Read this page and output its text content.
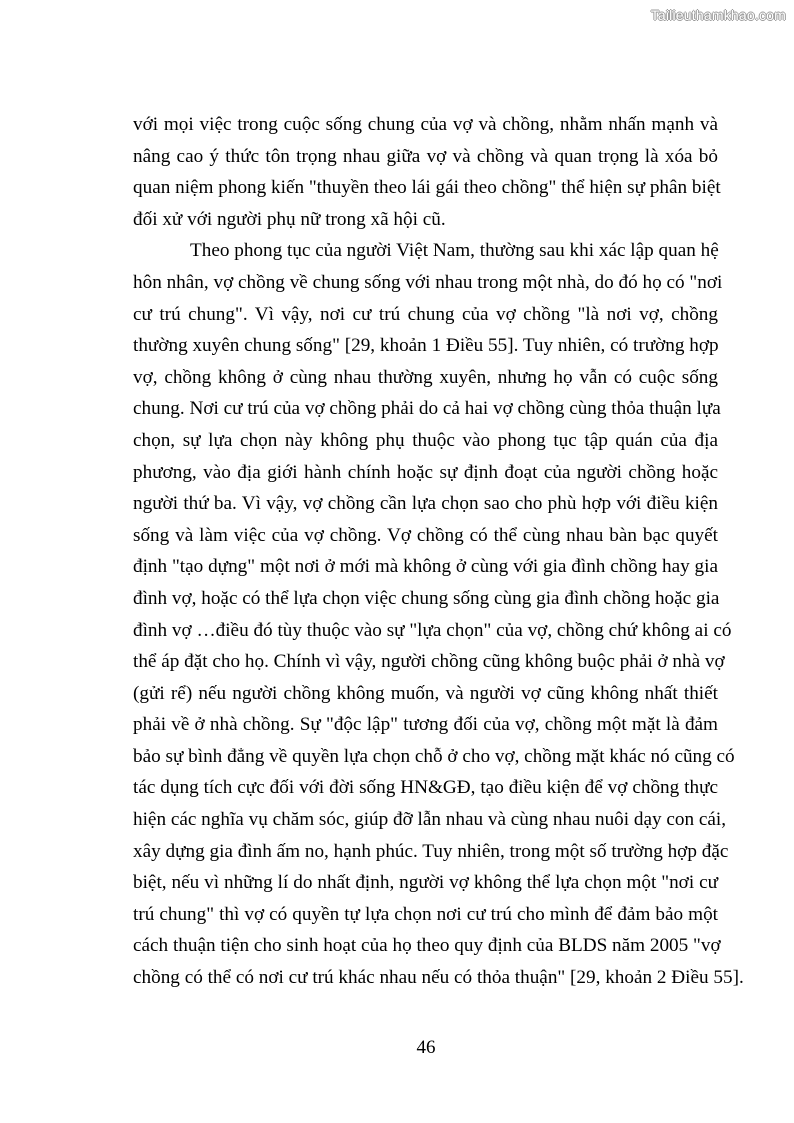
Tailieuthamkhao.com
với mọi việc trong cuộc sống chung của vợ và chồng, nhằm nhấn mạnh và
nâng cao ý thức tôn trọng nhau giữa vợ và chồng và quan trọng là xóa bỏ
quan niệm phong kiến "thuyền theo lái gái theo chồng" thể hiện sự phân biệt
đối xử với người phụ nữ trong xã hội cũ.
Theo phong tục của người Việt Nam, thường sau khi xác lập quan hệ
hôn nhân, vợ chồng về chung sống với nhau trong một nhà, do đó họ có "nơi
cư trú chung". Vì vậy, nơi cư trú chung của vợ chồng "là nơi vợ, chồng
thường xuyên chung sống" [29, khoản 1 Điều 55]. Tuy nhiên, có trường hợp
vợ, chồng không ở cùng nhau thường xuyên, nhưng họ vẫn có cuộc sống
chung. Nơi cư trú của vợ chồng phải do cả hai vợ chồng cùng thỏa thuận lựa
chọn, sự lựa chọn này không phụ thuộc vào phong tục tập quán của địa
phương, vào địa giới hành chính hoặc sự định đoạt của người chồng hoặc
người thứ ba. Vì vậy, vợ chồng cần lựa chọn sao cho phù hợp với điều kiện
sống và làm việc của vợ chồng. Vợ chồng có thể cùng nhau bàn bạc quyết
định "tạo dựng" một nơi ở mới mà không ở cùng với gia đình chồng hay gia
đình vợ, hoặc có thể lựa chọn việc chung sống cùng gia đình chồng hoặc gia
đình vợ …điều đó tùy thuộc vào sự "lựa chọn" của vợ, chồng chứ không ai có
thể áp đặt cho họ. Chính vì vậy, người chồng cũng không buộc phải ở nhà vợ
(gửi rể) nếu người chồng không muốn, và người vợ cũng không nhất thiết
phải về ở nhà chồng. Sự "độc lập" tương đối của vợ, chồng một mặt là đảm
bảo sự bình đẳng về quyền lựa chọn chỗ ở cho vợ, chồng mặt khác nó cũng có
tác dụng tích cực đối với đời sống HN&GĐ, tạo điều kiện để vợ chồng thực
hiện các nghĩa vụ chăm sóc, giúp đỡ lẫn nhau và cùng nhau nuôi dạy con cái,
xây dựng gia đình ấm no, hạnh phúc. Tuy nhiên, trong một số trường hợp đặc
biệt, nếu vì những lí do nhất định, người vợ không thể lựa chọn một "nơi cư
trú chung" thì vợ có quyền tự lựa chọn nơi cư trú cho mình để đảm bảo một
cách thuận tiện cho sinh hoạt của họ theo quy định của BLDS năm 2005 "vợ
chồng có thể có nơi cư trú khác nhau nếu có thỏa thuận" [29, khoản 2 Điều 55].
46
